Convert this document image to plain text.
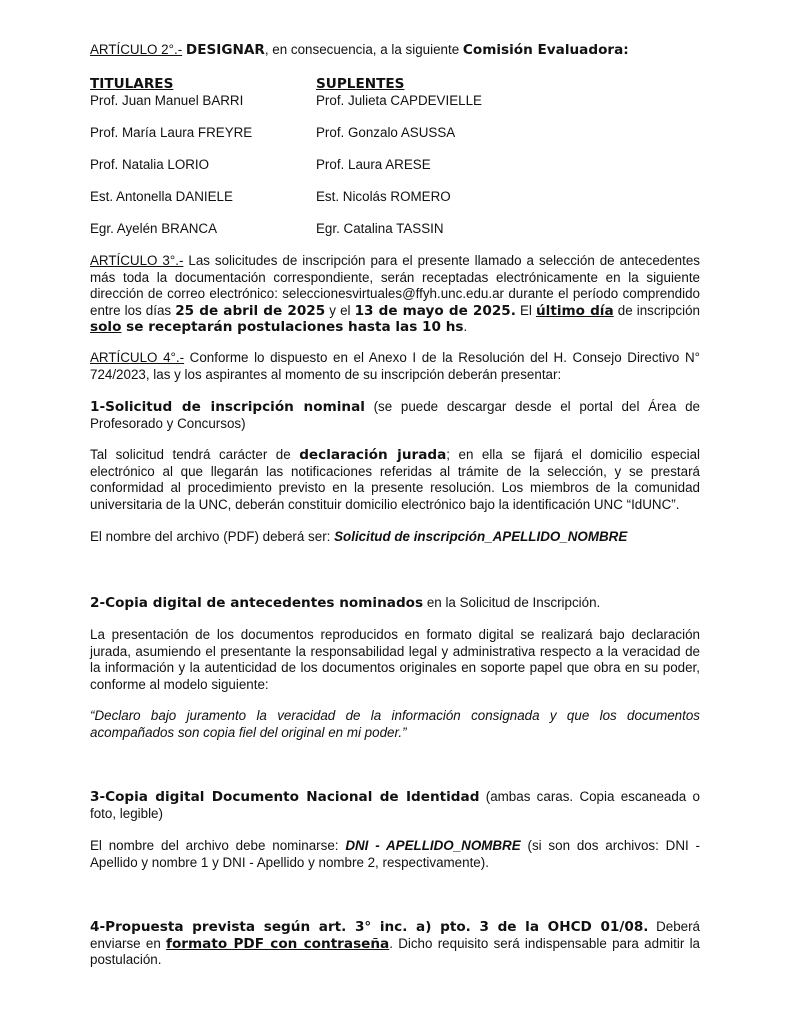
ARTÍCULO 2°.- DESIGNAR, en consecuencia, a la siguiente Comisión Evaluadora:

TITULARES	SUPLENTES
Prof. Juan Manuel BARRI	Prof. Julieta CAPDEVIELLE
Prof. María Laura FREYRE	Prof. Gonzalo ASUSSA
Prof. Natalia LORIO	Prof. Laura ARESE
Est. Antonella DANIELE	Est. Nicolás ROMERO
Egr. Ayelén BRANCA	Egr. Catalina TASSIN

ARTÍCULO 3°.- Las solicitudes de inscripción para el presente llamado a selección de antecedentes más toda la documentación correspondiente, serán receptadas electrónicamente en la siguiente dirección de correo electrónico: seleccionesvirtuales@ffyh.unc.edu.ar durante el período comprendido entre los días 25 de abril de 2025 y el 13 de mayo de 2025. El último día de inscripción solo se receptarán postulaciones hasta las 10 hs.

ARTÍCULO 4°.- Conforme lo dispuesto en el Anexo I de la Resolución del H. Consejo Directivo N° 724/2023, las y los aspirantes al momento de su inscripción deberán presentar:

1-Solicitud de inscripción nominal (se puede descargar desde el portal del Área de Profesorado y Concursos)

Tal solicitud tendrá carácter de declaración jurada; en ella se fijará el domicilio especial electrónico al que llegarán las notificaciones referidas al trámite de la selección, y se prestará conformidad al procedimiento previsto en la presente resolución. Los miembros de la comunidad universitaria de la UNC, deberán constituir domicilio electrónico bajo la identificación UNC “IdUNC”.

El nombre del archivo (PDF) deberá ser: Solicitud de inscripción_APELLIDO_NOMBRE

2-Copia digital de antecedentes nominados en la Solicitud de Inscripción.

La presentación de los documentos reproducidos en formato digital se realizará bajo declaración jurada, asumiendo el presentante la responsabilidad legal y administrativa respecto a la veracidad de la información y la autenticidad de los documentos originales en soporte papel que obra en su poder, conforme al modelo siguiente:

“Declaro bajo juramento la veracidad de la información consignada y que los documentos acompañados son copia fiel del original en mi poder.”

3-Copia digital Documento Nacional de Identidad (ambas caras. Copia escaneada o foto, legible)

El nombre del archivo debe nominarse: DNI - APELLIDO_NOMBRE (si son dos archivos: DNI - Apellido y nombre 1 y DNI - Apellido y nombre 2, respectivamente).

4-Propuesta prevista según art. 3° inc. a) pto. 3 de la OHCD 01/08. Deberá enviarse en formato PDF con contraseña. Dicho requisito será indispensable para admitir la postulación.
